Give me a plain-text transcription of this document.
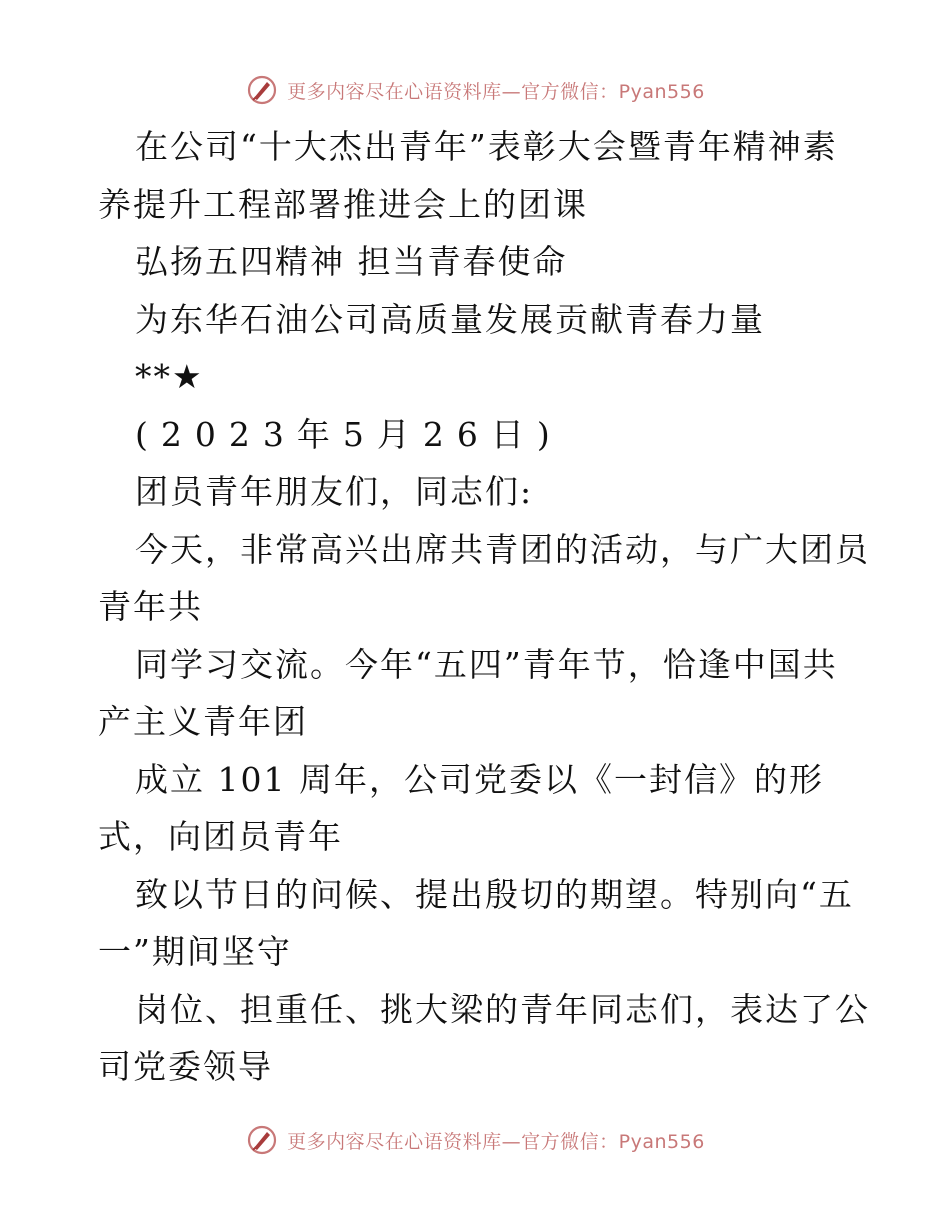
更多内容尽在心语资料库—官方微信：Pyan556
在公司“十大杰出青年”表彰大会暨青年精神素
养提升工程部署推进会上的团课
弘扬五四精神 担当青春使命
为东华石油公司高质量发展贡献青春力量
**★
(2023年5月26日)
团员青年朋友们，同志们:
今天，非常高兴出席共青团的活动，与广大团员
青年共
同学习交流。今年“五四”青年节，恰逢中国共
产主义青年团
成立 101 周年，公司党委以《一封信》的形
式，向团员青年
致以节日的问候、提出殷切的期望。特别向“五
一”期间坚守
岗位、担重任、挑大梁的青年同志们，表达了公
司党委领导
更多内容尽在心语资料库—官方微信：Pyan556
